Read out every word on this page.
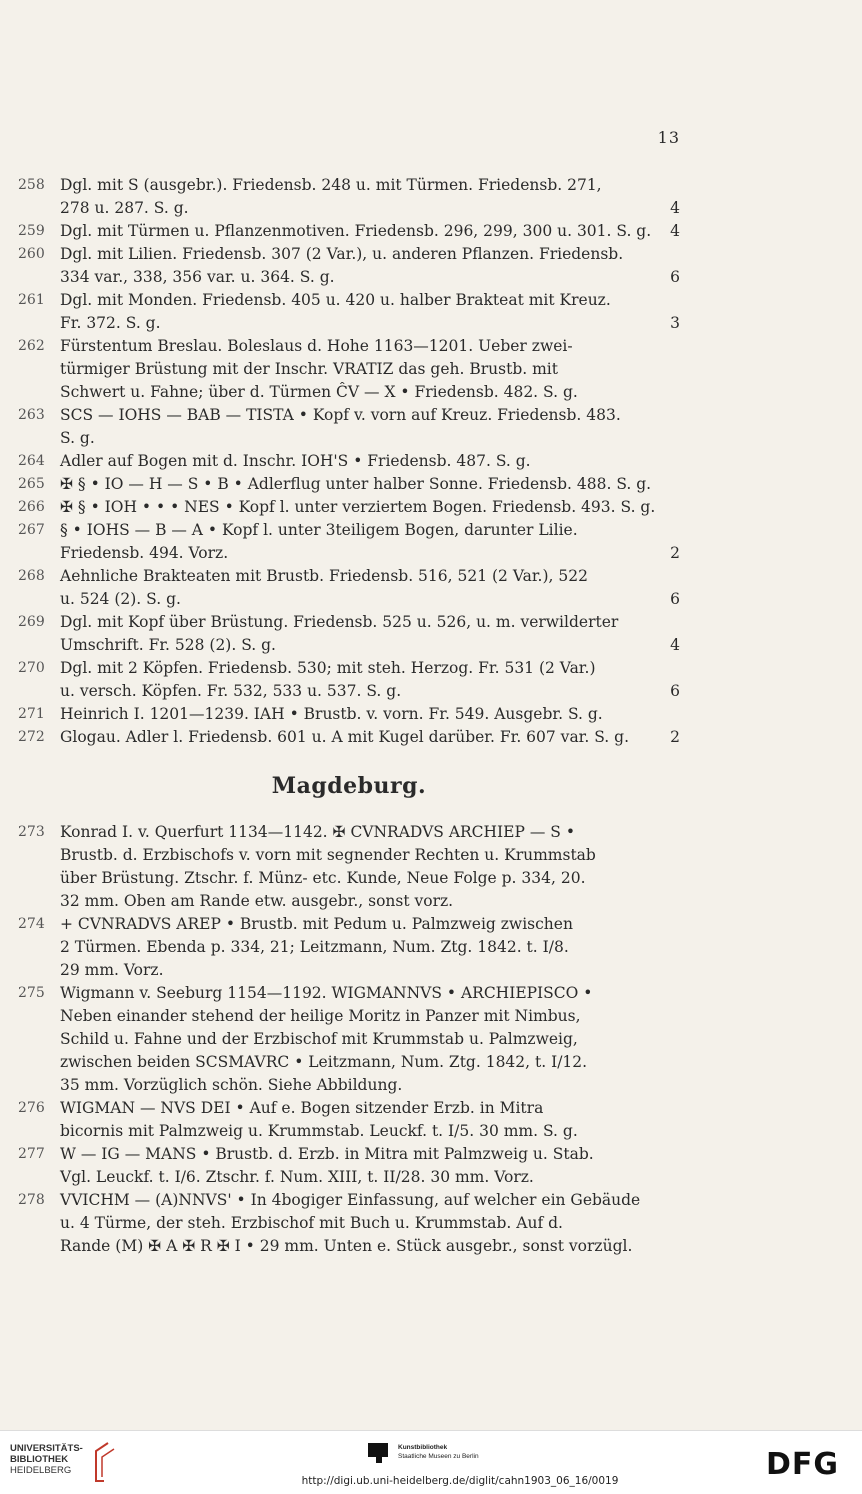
13
258 Dgl. mit S (ausgebr.). Friedensb. 248 u. mit Türmen. Friedensb. 271,
278 u. 287. S. g.	4
259 Dgl. mit Türmen u. Pflanzenmotiven. Friedensb. 296, 299, 300 u. 301. S. g. 4
260 Dgl. mit Lilien. Friedensb. 307 (2 Var.), u. anderen Pflanzen. Friedensb.
334 var., 338, 356 var. u. 364. S. g.	6
261 Dgl. mit Monden. Friedensb. 405 u. 420 u. halber Brakteat mit Kreuz.
Fr. 372. S. g.	3
262 Fürstentum Breslau. Boleslaus d. Hohe 1163—1201. Ueber zwei-
türmiger Brüstung mit der Inschr. VRATIZ das geh. Brustb. mit
Schwert u. Fahne; über d. Türmen ĈV — X • Friedensb. 482. S. g.
263 SCS — IOHS — BAB — TISTA • Kopf v. vorn auf Kreuz. Friedensb. 483.
S. g.
264 Adler auf Bogen mit d. Inschr. IOH'S • Friedensb. 487. S. g.
265 ✠ § • IO — H — S • B • Adlerflug unter halber Sonne. Friedensb. 488. S. g.
266 ✠ § • IOH • • • NES • Kopf l. unter verziertem Bogen. Friedensb. 493. S. g.
267 § • IOHS — B — A • Kopf l. unter 3teiligem Bogen, darunter Lilie.
Friedensb. 494. Vorz.	2
268 Aehnliche Brakteaten mit Brustb. Friedensb. 516, 521 (2 Var.), 522
u. 524 (2). S. g.	6
269 Dgl. mit Kopf über Brüstung. Friedensb. 525 u. 526, u. m. verwilderter
Umschrift. Fr. 528 (2). S. g.	4
270 Dgl. mit 2 Köpfen. Friedensb. 530; mit steh. Herzog. Fr. 531 (2 Var.)
u. versch. Köpfen. Fr. 532, 533 u. 537. S. g.	6
271 Heinrich I. 1201—1239. IAH • Brustb. v. vorn. Fr. 549. Ausgebr. S. g.
272 Glogau. Adler l. Friedensb. 601 u. A mit Kugel darüber. Fr. 607 var. S. g.	2
Magdeburg.
273 Konrad I. v. Querfurt 1134—1142. ✠ CVNRADVS ARCHIEP — S •
Brustb. d. Erzbischofs v. vorn mit segnender Rechten u. Krummstab
über Brüstung. Ztschr. f. Münz- etc. Kunde, Neue Folge p. 334, 20.
32 mm. Oben am Rande etw. ausgebr., sonst vorz.
274 + CVNRADVS AREP • Brustb. mit Pedum u. Palmzweig zwischen
2 Türmen. Ebenda p. 334, 21; Leitzmann, Num. Ztg. 1842. t. I/8.
29 mm. Vorz.
275 Wigmann v. Seeburg 1154—1192. WIGMANNVS • ARCHIEPISCO •
Neben einander stehend der heilige Moritz in Panzer mit Nimbus,
Schild u. Fahne und der Erzbischof mit Krummstab u. Palmzweig,
zwischen beiden SCSMAVRC • Leitzmann, Num. Ztg. 1842, t. I/12.
35 mm. Vorzüglich schön. Siehe Abbildung.
276 WIGMAN — NVS DEI • Auf e. Bogen sitzender Erzb. in Mitra
bicornis mit Palmzweig u. Krummstab. Leuckf. t. I/5. 30 mm. S. g.
277 W — IG — MANS • Brustb. d. Erzb. in Mitra mit Palmzweig u. Stab.
Vgl. Leuckf. t. I/6. Ztschr. f. Num. XIII, t. II/28. 30 mm. Vorz.
278 VVICHM — (A)NNVS' • In 4bogiger Einfassung, auf welcher ein Gebäude
u. 4 Türme, der steh. Erzbischof mit Buch u. Krummstab. Auf d.
Rande (M) ✠ A ✠ R ✠ I • 29 mm. Unten e. Stück ausgebr., sonst vorzügl.
UNIVERSITÄTS-
BIBLIOTHEK
HEIDELBERG
Kunstbibliothek
Staatliche Museen zu Berlin
http://digi.ub.uni-heidelberg.de/diglit/cahn1903_06_16/0019	DFG
